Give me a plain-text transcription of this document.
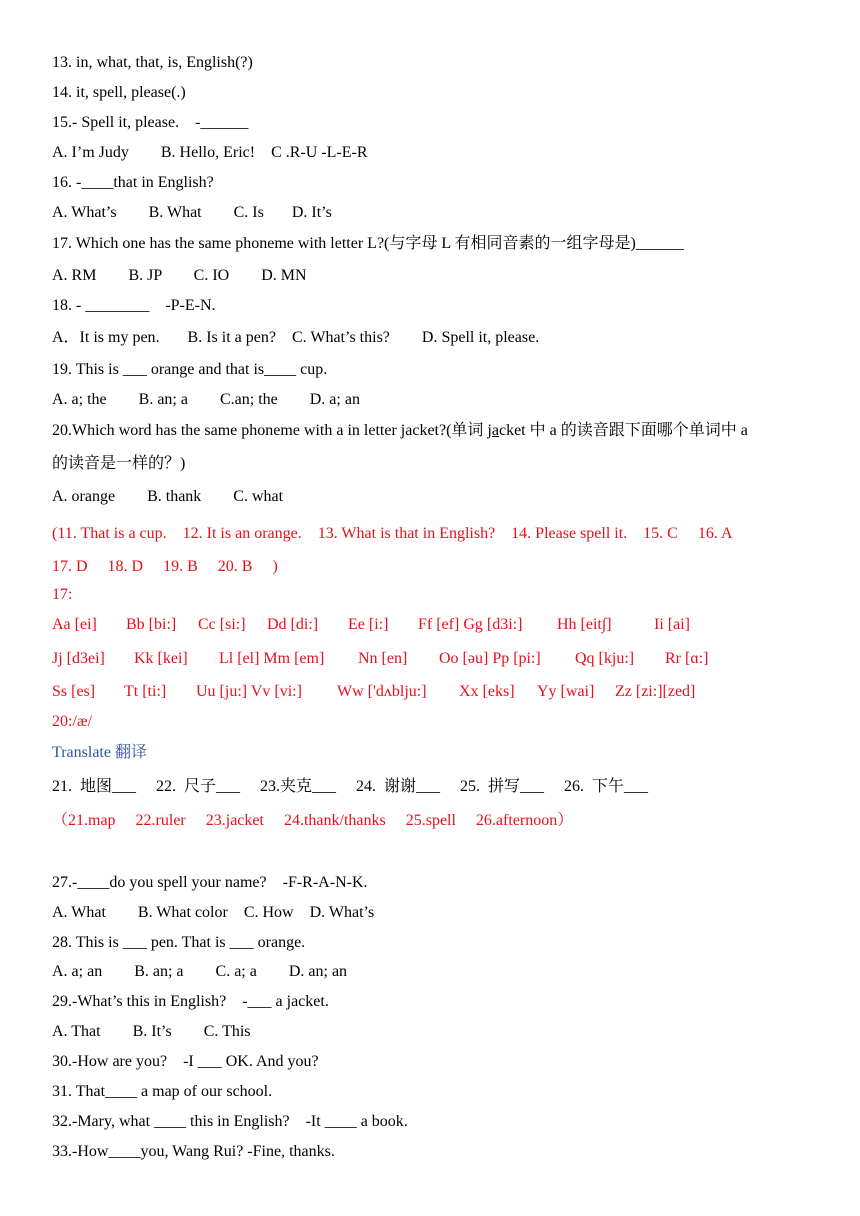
13. in, what, that, is, English(?)
14. it, spell, please(.)
15.- Spell it, please.    -______
A. I’m Judy        B. Hello, Eric!    C .R-U -L-E-R
16. -____that in English?
A. What’s        B. What        C. Is       D. It’s
17. Which one has the same phoneme with letter L?(与字母 L 有相同音素的一组字母是)______
A. RM        B. JP        C. IO        D. MN
18. - ________    -P-E-N.
A．It is my pen.       B. Is it a pen?    C. What’s this?        D. Spell it, please.
19. This is ___ orange and that is____ cup.
A. a; the        B. an; a        C.an; the        D. a; an
20.Which word has the same phoneme with a in letter jacket?(单词 jacket 中 a 的读音跟下面哪个单词中 a
的读音是一样的？)
A. orange        B. thank        C. what
(11. That is a cup.    12. It is an orange.    13. What is that in English?    14. Please spell it.    15. C     16. A
17. D     18. D     19. B     20. B     )
17:
Aa [ei] Bb [bi:] Cc [si:] Dd [di:] Ee [i:] Ff [ef] Gg [d3i:] Hh [eit∫]	Ii [ai]
Jj [d3ei] Kk [kei] Ll [el] Mm [em] Nn [en] Oo [əu] Pp [pi:] Qq [kju:] Rr [ɑ:]
Ss [es] Tt [ti:] Uu [ju:] Vv [vi:] Ww ['dʌblju:] Xx [eks] Yy [wai] Zz [zi:][zed]
20:/æ/
Translate 翻译
21.  地图___     22.  尺子___     23.夹克___     24.  谢谢___     25.  拼写___     26.  下午___
（21.map     22.ruler     23.jacket     24.thank/thanks     25.spell     26.afternoon）
27.-____do you spell your name?    -F-R-A-N-K.
A. What        B. What color    C. How    D. What’s
28. This is ___ pen. That is ___ orange.
A. a; an        B. an; a        C. a; a        D. an; an
29.-What’s this in English?    -___ a jacket.
A. That        B. It’s        C. This
30.-How are you?    -I ___ OK. And you?
31. That____ a map of our school.
32.-Mary, what ____ this in English?    -It ____ a book.
33.-How____you, Wang Rui? -Fine, thanks.
